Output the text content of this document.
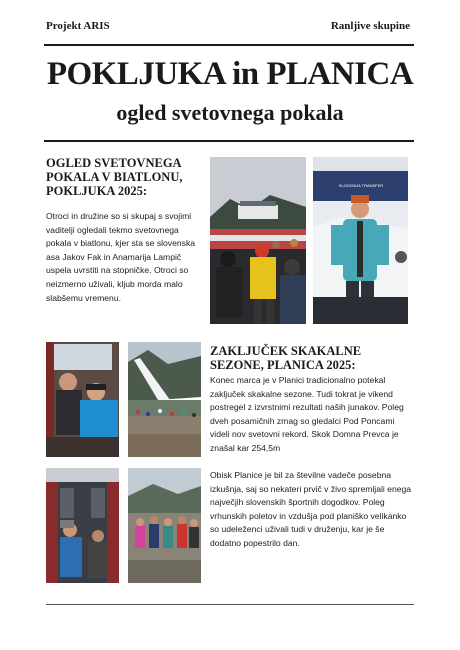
Projekt ARIS	Ranljive skupine
POKLJUKA in PLANICA
ogled svetovnega pokala
OGLED SVETOVNEGA
POKALA V BIATLONU,
POKLJUKA 2025:
Otroci in družine so si skupaj s svojimi vaditelji ogledali tekmo svetovnega pokala v biatlonu, kjer sta se slovenska asa Jakov Fak in Anamarija Lampič uspela uvrstiti na stopničke. Otroci so neizmerno uživali, kljub morda malo slabšemu vremenu.
SLOVENIJA TRANSFER
ZAKLJUČEK SKAKALNE
SEZONE, PLANICA 2025:
Konec marca je v Planici tradicionalno potekal zaključek skakalne sezone. Tudi tokrat je vikend postregel z izvrstnimi rezultati naših junakov. Poleg dveh posamičnih zmag so gledalci Pod Poncami videli nov svetovni rekord. Skok Domna Prevca je znašal kar 254,5m
Obisk Planice je bil za številne vadeče posebna izkušnja, saj so nekateri prvič v živo spremljali enega največjih slovenskih športnih dogodkov. Poleg vrhunskih poletov in vzdušja pod planiško velikanko so udeleženci uživali tudi v druženju, kar je še dodatno popestrilo dan.
